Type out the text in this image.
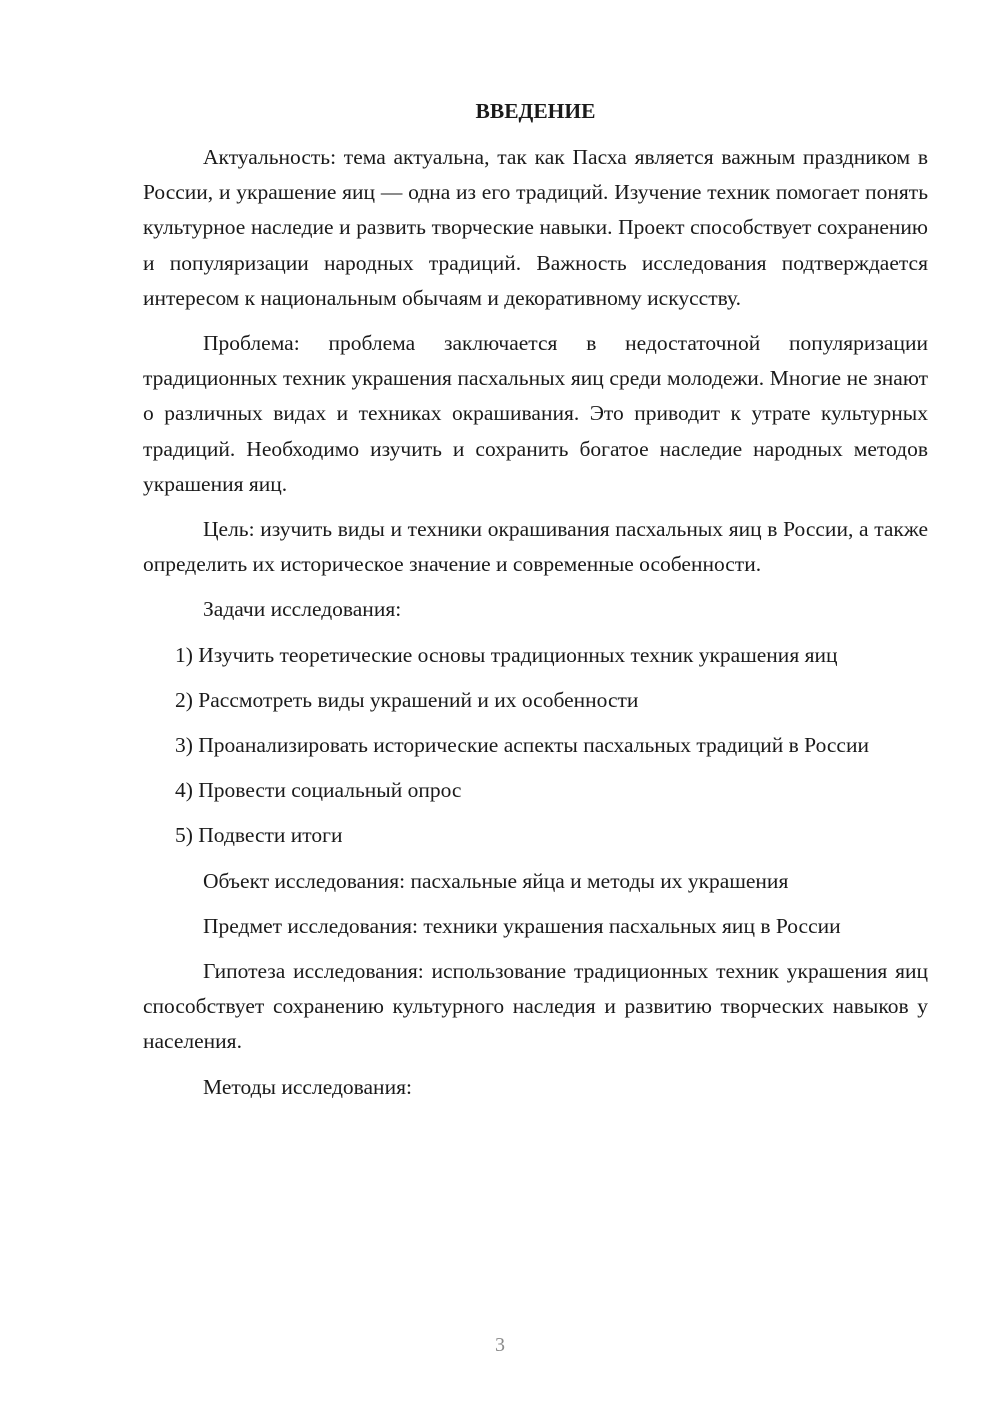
ВВЕДЕНИЕ

Актуальность: тема актуальна, так как Пасха является важным праздником в России, и украшение яиц — одна из его традиций. Изучение техник помогает понять культурное наследие и развить творческие навыки. Проект способствует сохранению и популяризации народных традиций. Важность исследования подтверждается интересом к национальным обычаям и декоративному искусству.

Проблема: проблема заключается в недостаточной популяризации традиционных техник украшения пасхальных яиц среди молодежи. Многие не знают о различных видах и техниках окрашивания. Это приводит к утрате культурных традиций. Необходимо изучить и сохранить богатое наследие народных методов украшения яиц.

Цель: изучить виды и техники окрашивания пасхальных яиц в России, а также определить их историческое значение и современные особенности.

Задачи исследования:

1) Изучить теоретические основы традиционных техник украшения яиц

2) Рассмотреть виды украшений и их особенности

3) Проанализировать исторические аспекты пасхальных традиций в России

4) Провести социальный опрос

5) Подвести итоги

Объект исследования: пасхальные яйца и методы их украшения

Предмет исследования: техники украшения пасхальных яиц в России

Гипотеза исследования: использование традиционных техник украшения яиц способствует сохранению культурного наследия и развитию творческих навыков у населения.

Методы исследования:

3
